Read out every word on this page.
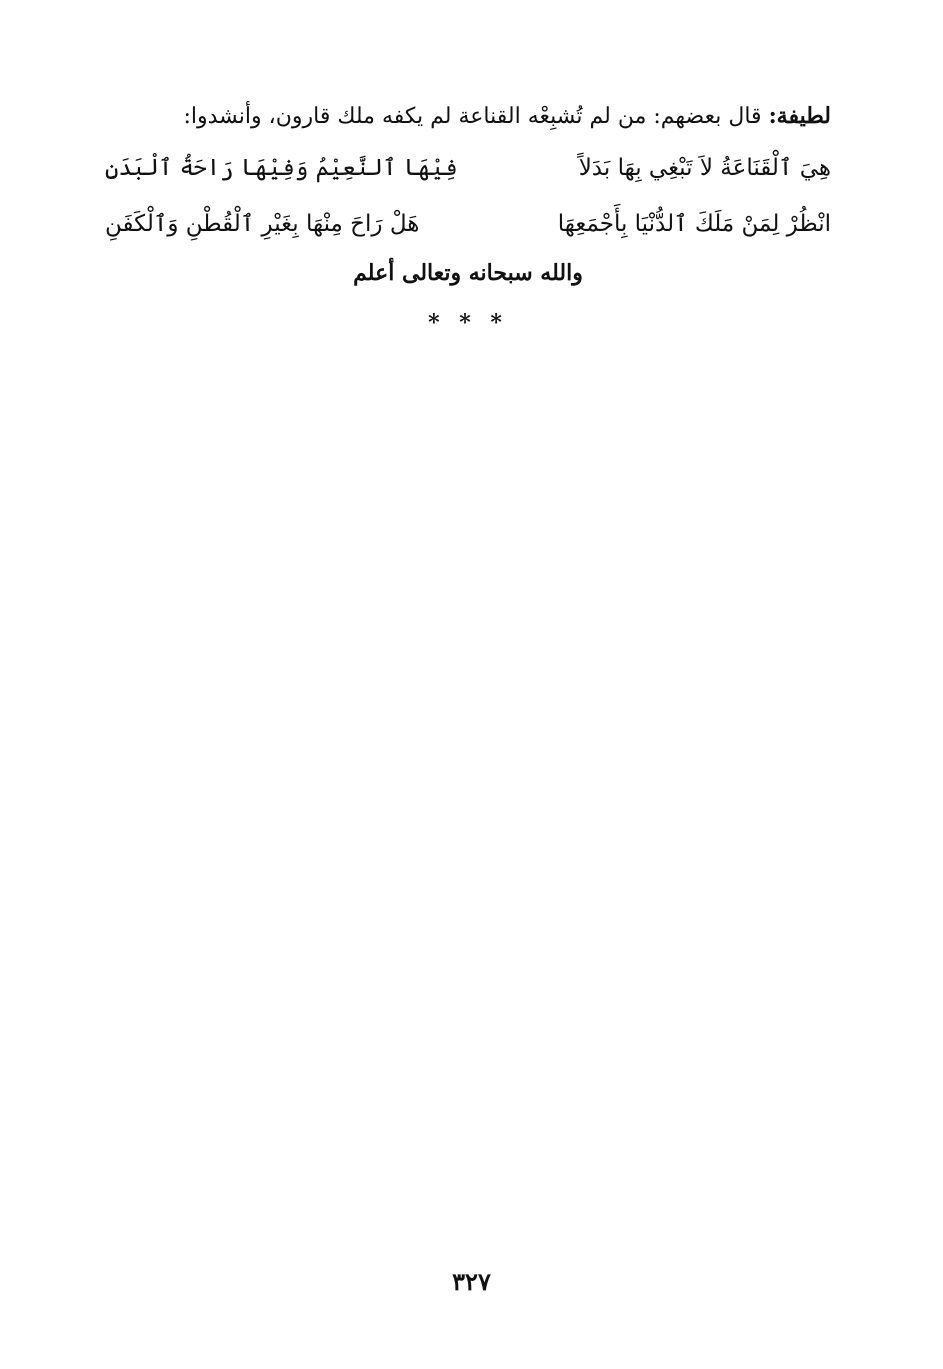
لطيفة: قال بعضهم: من لم تُشبِعْه القناعة لم يكفه ملك قارون، وأنشدوا:
هِيَ ٱلْقَنَاعَةُ لاَ تَبْغِي بِهَا بَدَلاً
فِيْهَا ٱلنَّعِيْمُ وَفِيْهَا رَاحَةُ ٱلْبَدَنِ
انْظُرْ لِمَنْ مَلَكَ ٱلدُّنْيَا بِأَجْمَعِهَا
هَلْ رَاحَ مِنْهَا بِغَيْرِ ٱلْقُطْنِ وَٱلْكَفَنِ
والله سبحانه وتعالى أعلم
* * *
٣٢٧
